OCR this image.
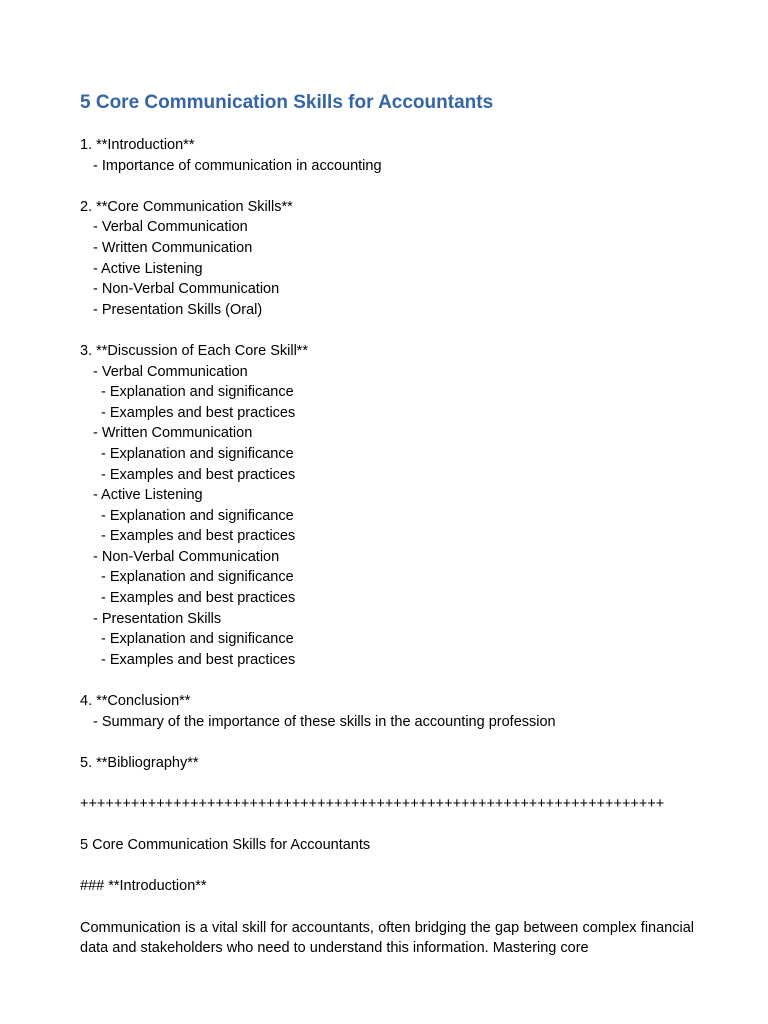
5 Core Communication Skills for Accountants
1. **Introduction**
- Importance of communication in accounting
2. **Core Communication Skills**
- Verbal Communication
- Written Communication
- Active Listening
- Non-Verbal Communication
- Presentation Skills (Oral)
3. **Discussion of Each Core Skill**
- Verbal Communication
- Explanation and significance
- Examples and best practices
- Written Communication
- Explanation and significance
- Examples and best practices
- Active Listening
- Explanation and significance
- Examples and best practices
- Non-Verbal Communication
- Explanation and significance
- Examples and best practices
- Presentation Skills
- Explanation and significance
- Examples and best practices
4. **Conclusion**
- Summary of the importance of these skills in the accounting profession
5. **Bibliography**
+++++++++++++++++++++++++++++++++++++++++++++++++++++++++++++++++++++
5 Core Communication Skills for Accountants
### **Introduction**

Communication is a vital skill for accountants, often bridging the gap between complex financial data and stakeholders who need to understand this information. Mastering core
